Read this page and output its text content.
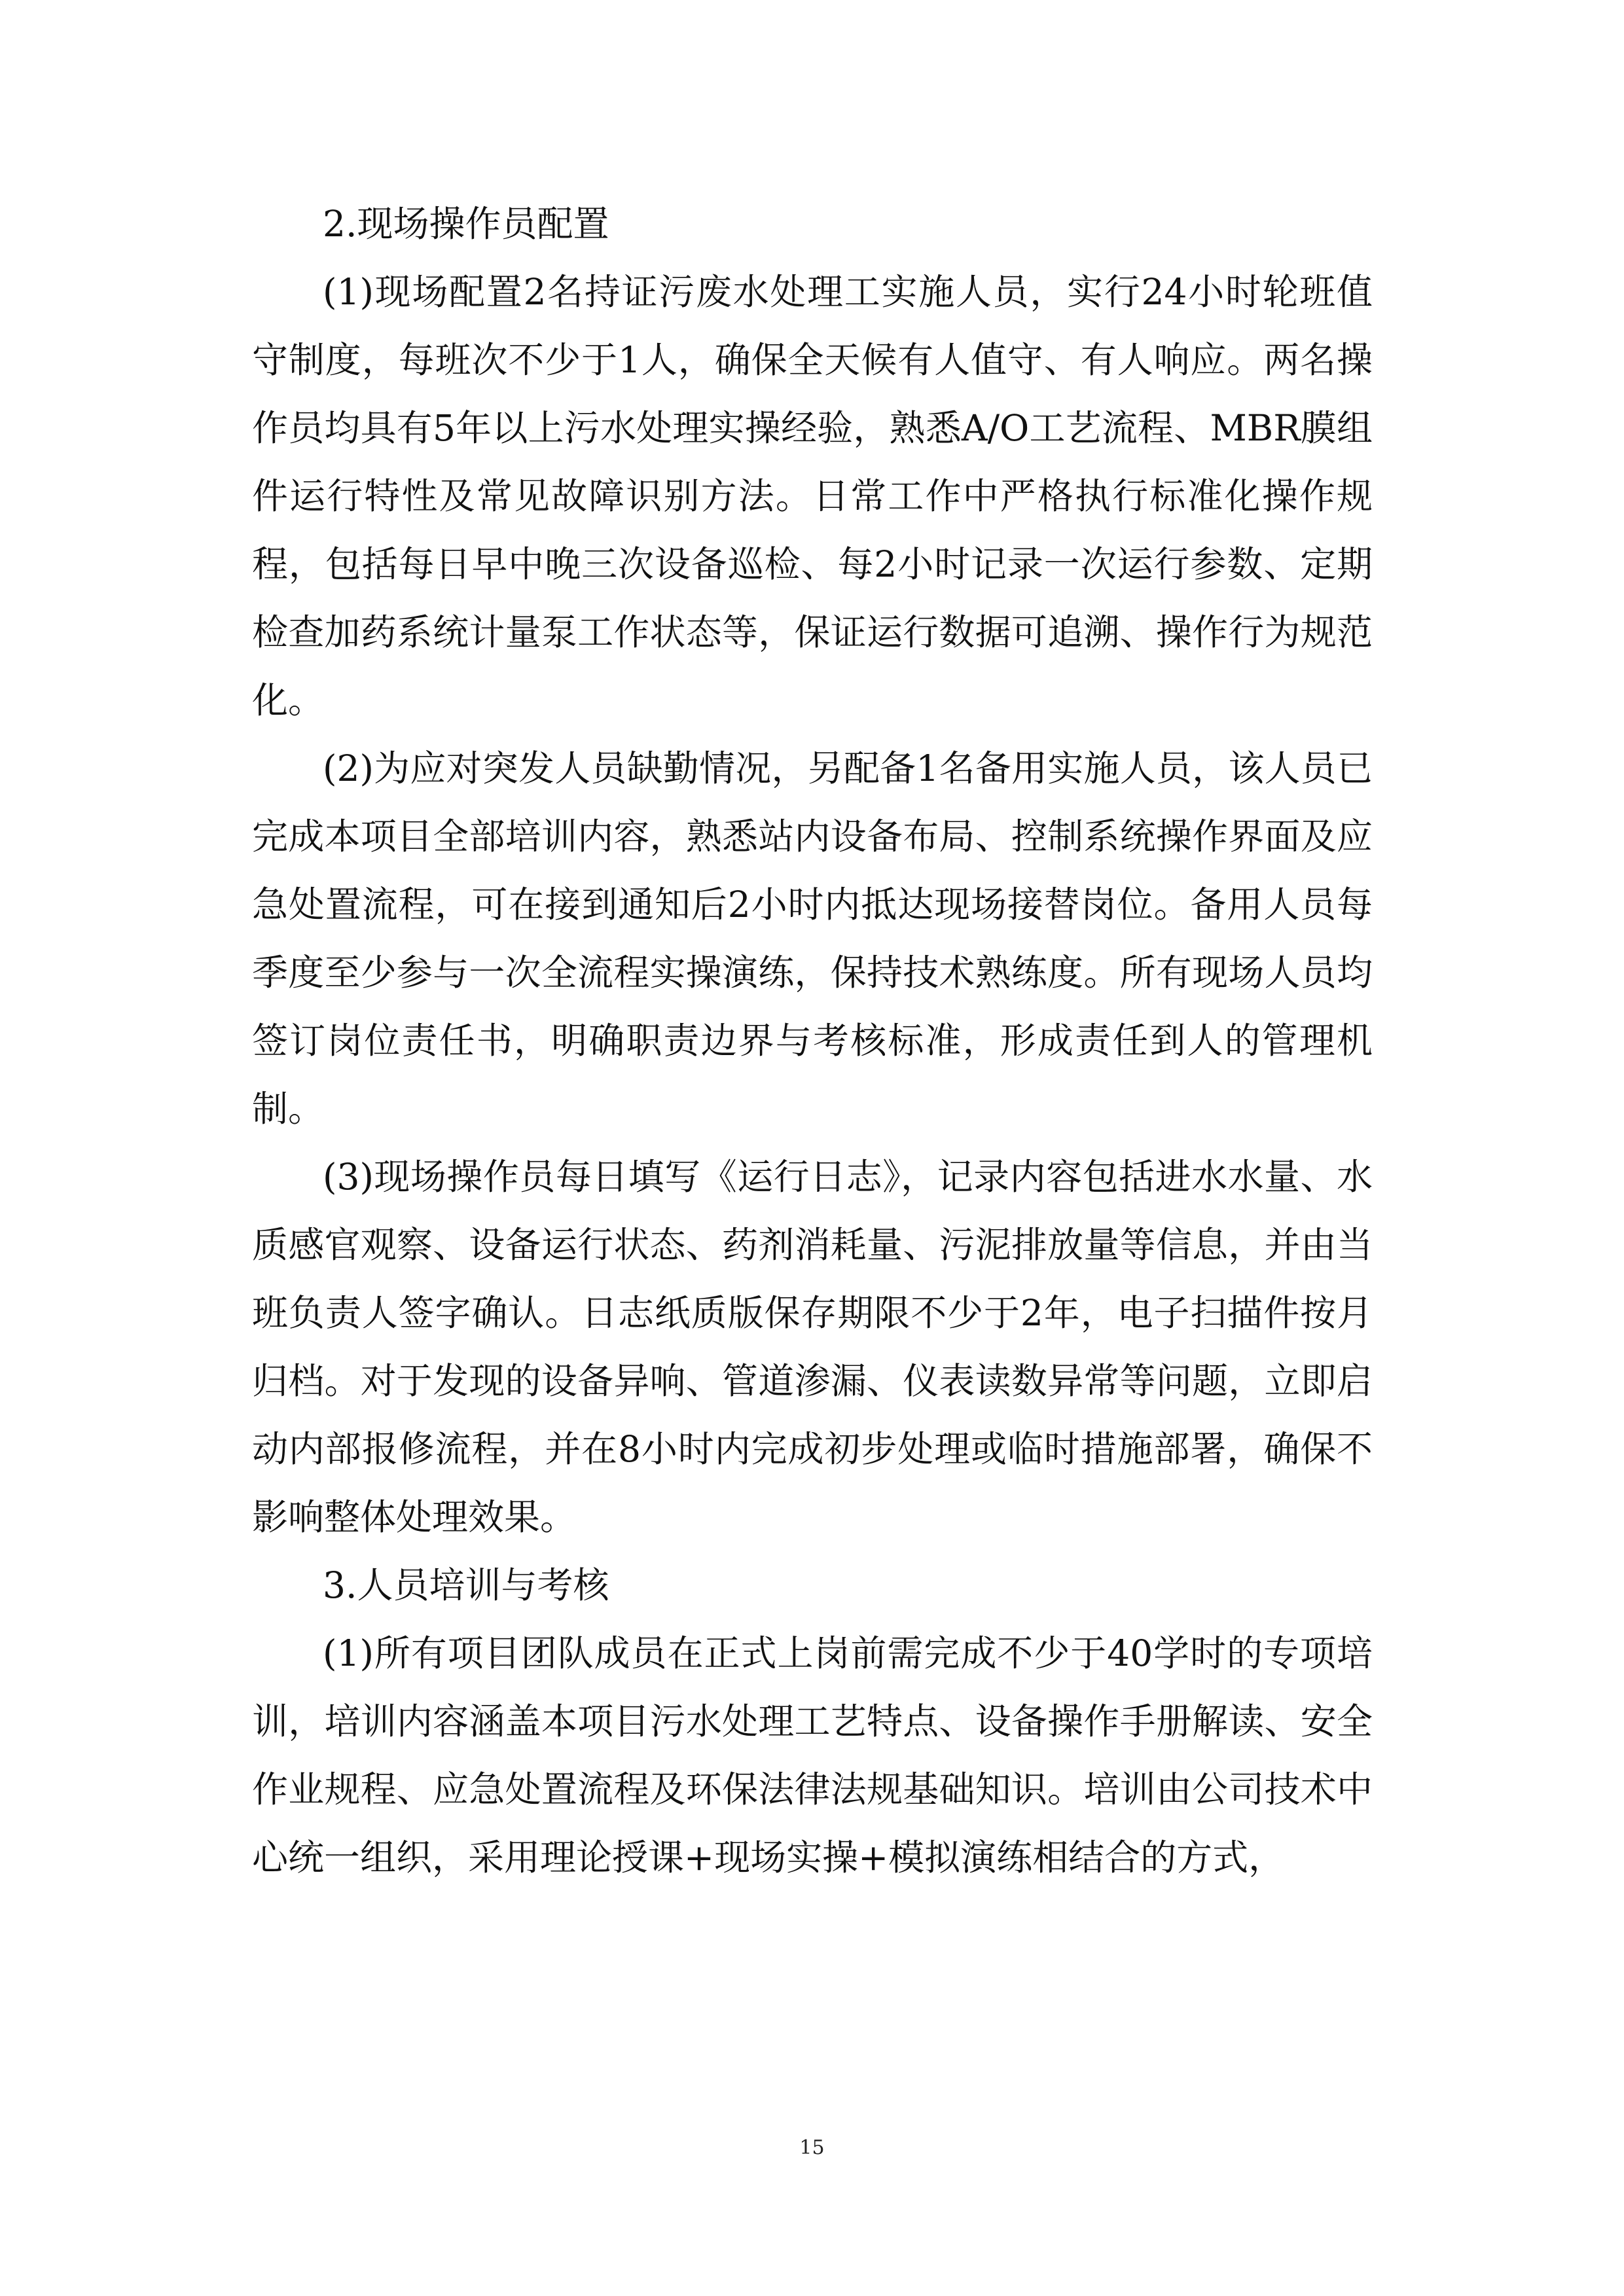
2.现场操作员配置

(1)现场配置2名持证污废水处理工实施人员，实行24小时轮班值守制度，每班次不少于1人，确保全天候有人值守、有人响应。两名操作员均具有5年以上污水处理实操经验，熟悉A/O工艺流程、MBR膜组件运行特性及常见故障识别方法。日常工作中严格执行标准化操作规程，包括每日早中晚三次设备巡检、每2小时记录一次运行参数、定期检查加药系统计量泵工作状态等，保证运行数据可追溯、操作行为规范化。

(2)为应对突发人员缺勤情况，另配备1名备用实施人员，该人员已完成本项目全部培训内容，熟悉站内设备布局、控制系统操作界面及应急处置流程，可在接到通知后2小时内抵达现场接替岗位。备用人员每季度至少参与一次全流程实操演练，保持技术熟练度。所有现场人员均签订岗位责任书，明确职责边界与考核标准，形成责任到人的管理机制。

(3)现场操作员每日填写《运行日志》，记录内容包括进水水量、水质感官观察、设备运行状态、药剂消耗量、污泥排放量等信息，并由当班负责人签字确认。日志纸质版保存期限不少于2年，电子扫描件按月归档。对于发现的设备异响、管道渗漏、仪表读数异常等问题，立即启动内部报修流程，并在8小时内完成初步处理或临时措施部署，确保不影响整体处理效果。

3.人员培训与考核

(1)所有项目团队成员在正式上岗前需完成不少于40学时的专项培训，培训内容涵盖本项目污水处理工艺特点、设备操作手册解读、安全作业规程、应急处置流程及环保法律法规基础知识。培训由公司技术中心统一组织，采用理论授课+现场实操+模拟演练相结合的方式，

15
